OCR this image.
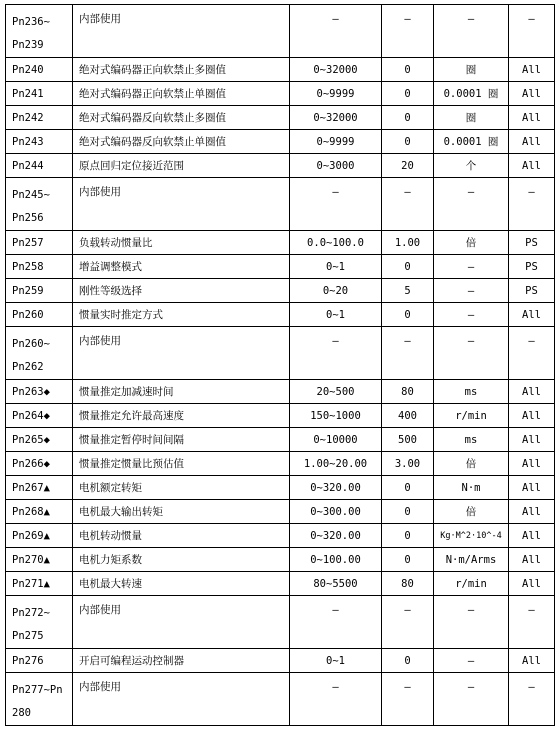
Pn236~
Pn239	内部使用	–	–	–	–

Pn240	绝对式编码器正向软禁止多圈值	0~32000	0	圈	All

Pn241	绝对式编码器正向软禁止单圈值	0~9999	0	0.0001 圈	All

Pn242	绝对式编码器反向软禁止多圈值	0~32000	0	圈	All

Pn243	绝对式编码器反向软禁止单圈值	0~9999	0	0.0001 圈	All

Pn244	原点回归定位接近范围	0~3000	20	个	All

Pn245~
Pn256	内部使用	–	–	–	–

Pn257	负载转动惯量比	0.0~100.0	1.00	倍	PS

Pn258	增益调整模式	0~1	0	–	PS

Pn259	刚性等级选择	0~20	5	–	PS

Pn260	惯量实时推定方式	0~1	0	–	All

Pn260~
Pn262	内部使用	–	–	–	–

Pn263◆	惯量推定加减速时间	20~500	80	ms	All

Pn264◆	惯量推定允许最高速度	150~1000	400	r/min	All

Pn265◆	惯量推定暂停时间间隔	0~10000	500	ms	All

Pn266◆	惯量推定惯量比预估值	1.00~20.00	3.00	倍	All

Pn267▲	电机额定转矩	0~320.00	0	N·m	All

Pn268▲	电机最大输出转矩	0~300.00	0	倍	All

Pn269▲	电机转动惯量	0~320.00	0	Kg·M^2·10^-4	All

Pn270▲	电机力矩系数	0~100.00	0	N·m/Arms	All

Pn271▲	电机最大转速	80~5500	80	r/min	All

Pn272~
Pn275	内部使用	–	–	–	–

Pn276	开启可编程运动控制器	0~1	0	–	All

Pn277~Pn
280	内部使用	–	–	–	–
